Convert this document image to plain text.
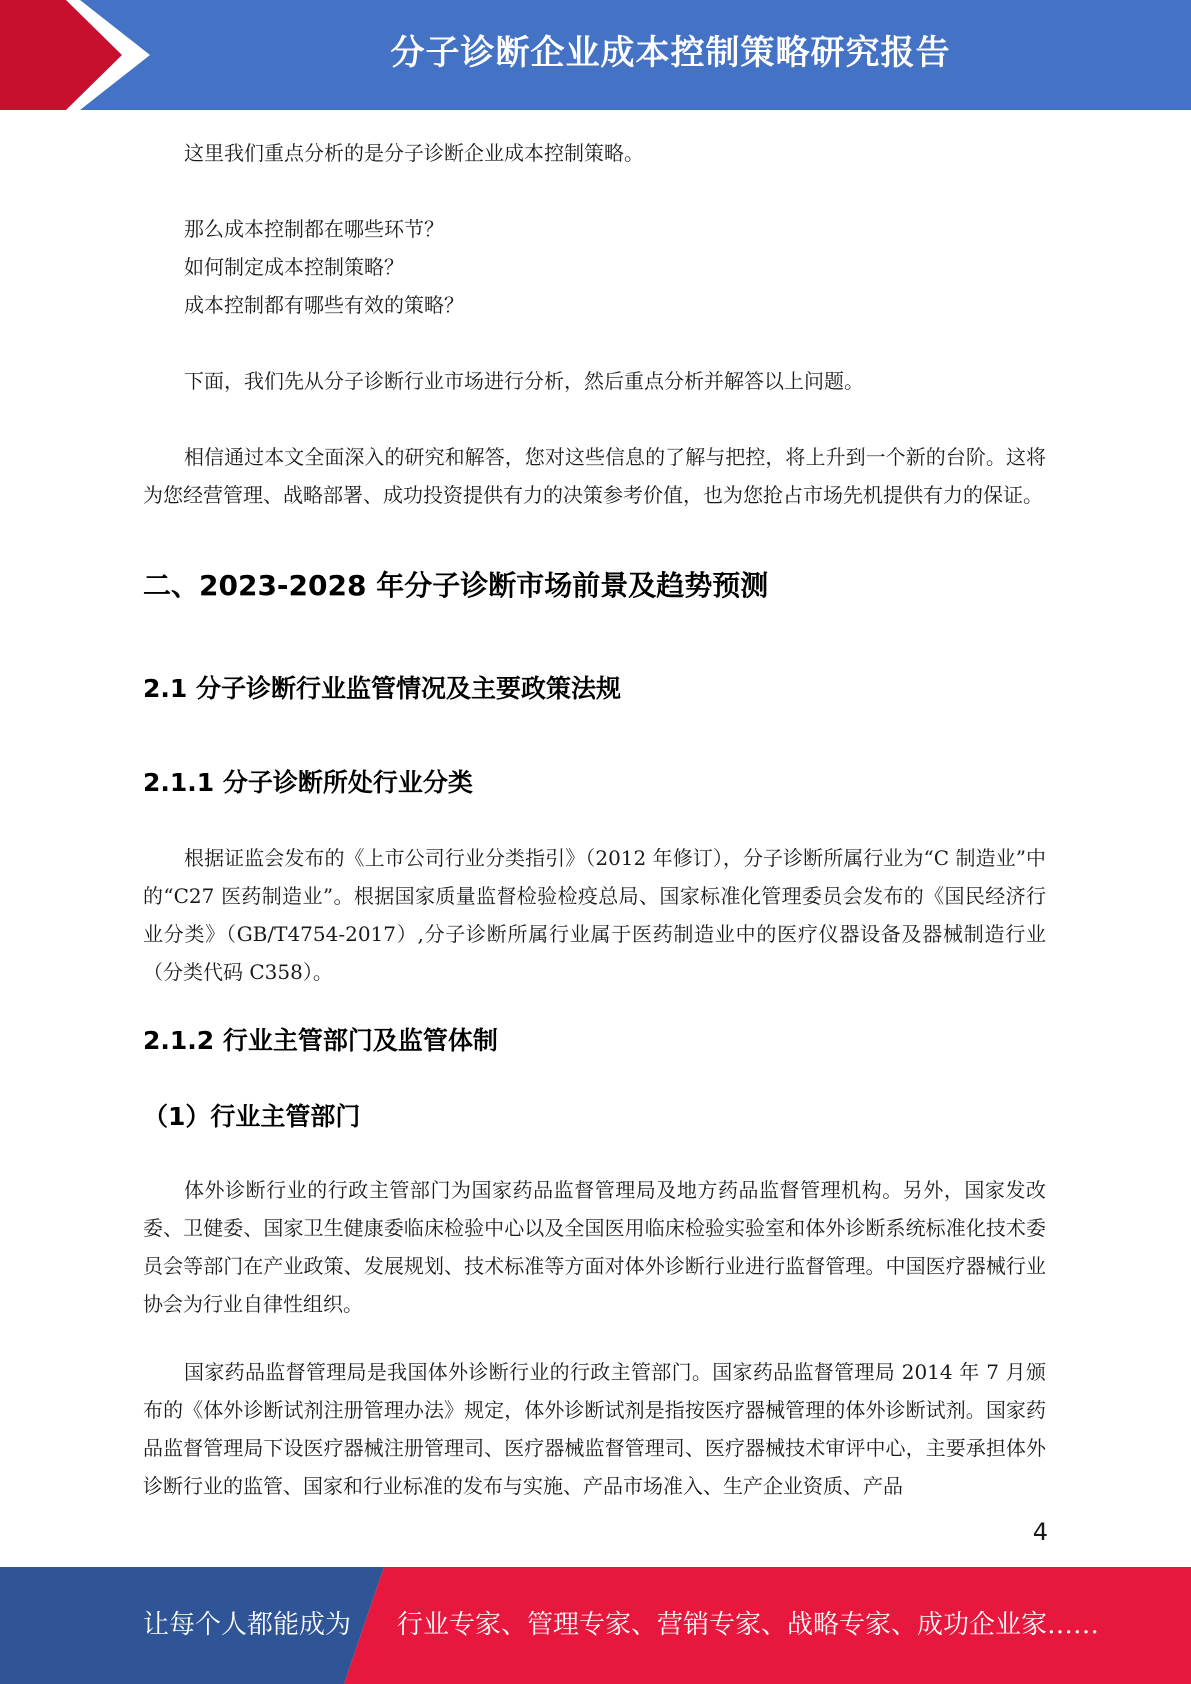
分子诊断企业成本控制策略研究报告

这里我们重点分析的是分子诊断企业成本控制策略。

那么成本控制都在哪些环节？

如何制定成本控制策略？

成本控制都有哪些有效的策略？

下面，我们先从分子诊断行业市场进行分析，然后重点分析并解答以上问题。

相信通过本文全面深入的研究和解答，您对这些信息的了解与把控，将上升到一个新的台阶。这将为您经营管理、战略部署、成功投资提供有力的决策参考价值，也为您抢占市场先机提供有力的保证。

二、2023-2028 年分子诊断市场前景及趋势预测
2.1 分子诊断行业监管情况及主要政策法规
2.1.1 分子诊断所处行业分类

根据证监会发布的《上市公司行业分类指引》（2012 年修订），分子诊断所属行业为“C 制造业”中的“C27 医药制造业”。根据国家质量监督检验检疫总局、国家标准化管理委员会发布的《国民经济行业分类》（GB/T4754-2017）,分子诊断所属行业属于医药制造业中的医疗仪器设备及器械制造行业（分类代码 C358）。

2.1.2 行业主管部门及监管体制
（1）行业主管部门

体外诊断行业的行政主管部门为国家药品监督管理局及地方药品监督管理机构。另外，国家发改委、卫健委、国家卫生健康委临床检验中心以及全国医用临床检验实验室和体外诊断系统标准化技术委员会等部门在产业政策、发展规划、技术标准等方面对体外诊断行业进行监督管理。中国医疗器械行业协会为行业自律性组织。

国家药品监督管理局是我国体外诊断行业的行政主管部门。国家药品监督管理局 2014 年 7 月颁布的《体外诊断试剂注册管理办法》规定，体外诊断试剂是指按医疗器械管理的体外诊断试剂。国家药品监督管理局下设医疗器械注册管理司、医疗器械监督管理司、医疗器械技术审评中心，主要承担体外诊断行业的监管、国家和行业标准的发布与实施、产品市场准入、生产企业资质、产品

4
让每个人都能成为 行业专家、管理专家、营销专家、战略专家、成功企业家……
